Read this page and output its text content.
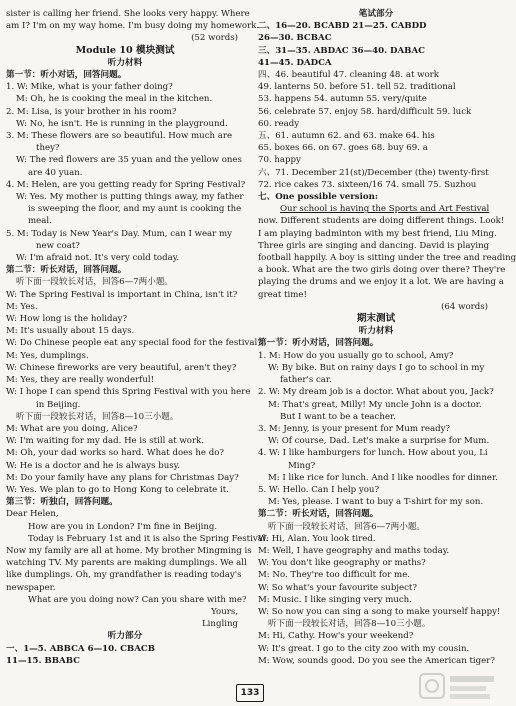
sister is calling her friend. She looks very happy. Where
am I? I'm on my way home. I'm busy doing my homework.
(52 words)
Module 10 模块测试
听力材料
第一节：听小对话，回答问题。
1. W: Mike, what is your father doing?
M: Oh, he is cooking the meal in the kitchen.
2. M: Lisa, is your brother in his room?
W: No, he isn't. He is running in the playground.
3. M: These flowers are so beautiful. How much are
they?
W: The red flowers are 35 yuan and the yellow ones
are 40 yuan.
4. M: Helen, are you getting ready for Spring Festival?
W: Yes. My mother is putting things away, my father
is sweeping the floor, and my aunt is cooking the
meal.
5. M: Today is New Year's Day. Mum, can I wear my
new coat?
W: I'm afraid not. It's very cold today.
第二节：听长对话，回答问题。
听下面一段较长对话，回答6—7两小题。
W: The Spring Festival is important in China, isn't it?
M: Yes.
W: How long is the holiday?
M: It's usually about 15 days.
W: Do Chinese people eat any special food for the festival?
M: Yes, dumplings.
W: Chinese fireworks are very beautiful, aren't they?
M: Yes, they are really wonderful!
W: I hope I can spend this Spring Festival with you here
in Beijing.
听下面一段较长对话，回答8—10三小题。
M: What are you doing, Alice?
W: I'm waiting for my dad. He is still at work.
M: Oh, your dad works so hard. What does he do?
W: He is a doctor and he is always busy.
M: Do your family have any plans for Christmas Day?
W: Yes. We plan to go to Hong Kong to celebrate it.
第三节：听独白，回答问题。
Dear Helen,
How are you in London? I'm fine in Beijing.
Today is February 1st and it is also the Spring Festival.
Now my family are all at home. My brother Mingming is
watching TV. My parents are making dumplings. We all
like dumplings. Oh, my grandfather is reading today's
newspaper.
What are you doing now? Can you share with me?
Yours,
Lingling
听力部分
一、1—5. ABBCA 6—10. CBACB
11—15. BBABC
笔试部分
二、16—20. BCABD 21—25. CABDD
26—30. BCBAC
三、31—35. ABDAC 36—40. DABAC
41—45. DADCA
四、46. beautiful 47. cleaning 48. at work
49. lanterns 50. before 51. tell 52. traditional
53. happens 54. autumn 55. very/quite
56. celebrate 57. enjoy 58. hard/difficult 59. luck
60. ready
五、61. autumn 62. and 63. make 64. his
65. boxes 66. on 67. goes 68. buy 69. a
70. happy
六、71. December 21(st)/December (the) twenty-first
72. rice cakes 73. sixteen/16 74. small 75. Suzhou
七、One possible version:
Our school is having the Sports and Art Festival
now. Different students are doing different things. Look!
I am playing badminton with my best friend, Liu Ming.
Three girls are singing and dancing. David is playing
football happily. A boy is sitting under the tree and reading
a book. What are the two girls doing over there? They're
playing the drums and we enjoy it a lot. We are having a
great time!
(64 words)
期末测试
听力材料
第一节：听小对话，回答问题。
1. M: How do you usually go to school, Amy?
W: By bike. But on rainy days I go to school in my
father's car.
2. W: My dream job is a doctor. What about you, Jack?
M: That's great, Milly! My uncle John is a doctor.
But I want to be a teacher.
3. M: Jenny, is your present for Mum ready?
W: Of course, Dad. Let's make a surprise for Mum.
4. W: I like hamburgers for lunch. How about you, Li
Ming?
M: I like rice for lunch. And I like noodles for dinner.
5. W: Hello. Can I help you?
M: Yes, please. I want to buy a T-shirt for my son.
第二节：听长对话，回答问题。
听下面一段较长对话，回答6—7两小题。
W: Hi, Alan. You look tired.
M: Well, I have geography and maths today.
W: You don't like geography or maths?
M: No. They're too difficult for me.
W: So what's your favourite subject?
M: Music. I like singing very much.
W: So now you can sing a song to make yourself happy!
听下面一段较长对话，回答8—10三小题。
M: Hi, Cathy. How's your weekend?
W: It's great. I go to the city zoo with my cousin.
M: Wow, sounds good. Do you see the American tiger?
133
